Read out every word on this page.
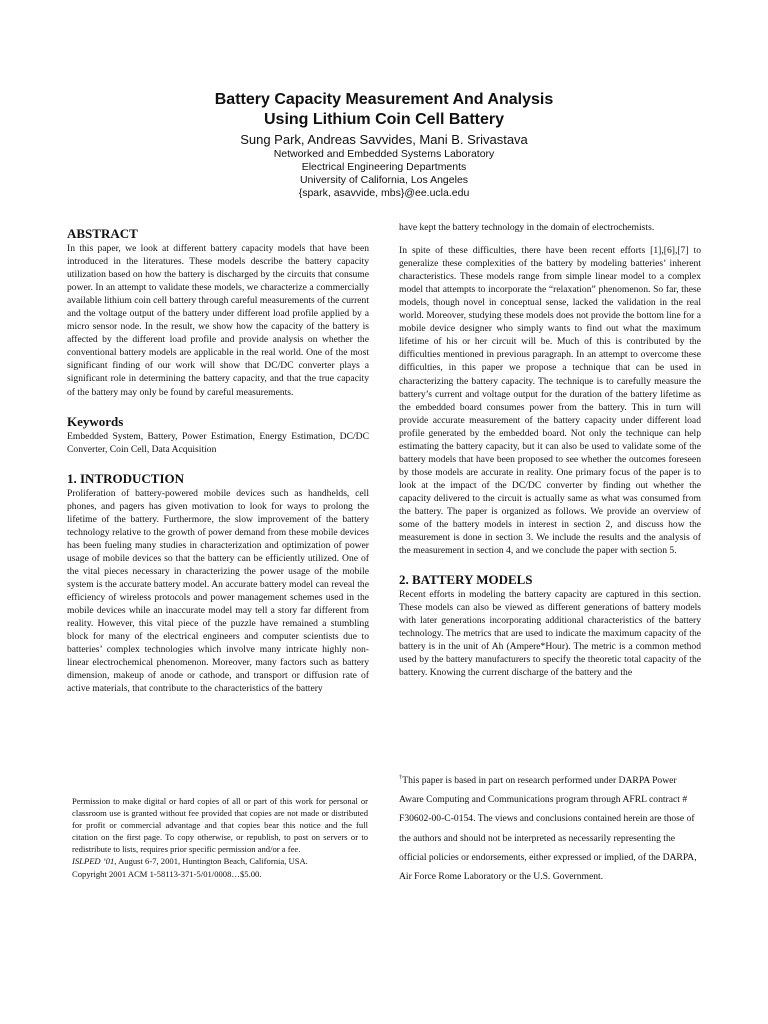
Battery Capacity Measurement And Analysis
Using Lithium Coin Cell Battery
Sung Park, Andreas Savvides, Mani B. Srivastava
Networked and Embedded Systems Laboratory
Electrical Engineering Departments
University of California, Los Angeles
{spark, asavvide, mbs}@ee.ucla.edu
ABSTRACT

In this paper, we look at different battery capacity models that have been introduced in the literatures. These models describe the battery capacity utilization based on how the battery is discharged by the circuits that consume power. In an attempt to validate these models, we characterize a commercially available lithium coin cell battery through careful measurements of the current and the voltage output of the battery under different load profile applied by a micro sensor node. In the result, we show how the capacity of the battery is affected by the different load profile and provide analysis on whether the conventional battery models are applicable in the real world. One of the most significant finding of our work will show that DC/DC converter plays a significant role in determining the battery capacity, and that the true capacity of the battery may only be found by careful measurements.

Keywords

Embedded System, Battery, Power Estimation, Energy Estimation, DC/DC Converter, Coin Cell, Data Acquisition

1. INTRODUCTION

Proliferation of battery-powered mobile devices such as handhelds, cell phones, and pagers has given motivation to look for ways to prolong the lifetime of the battery. Furthermore, the slow improvement of the battery technology relative to the growth of power demand from these mobile devices has been fueling many studies in characterization and optimization of power usage of mobile devices so that the battery can be efficiently utilized. One of the vital pieces necessary in characterizing the power usage of the mobile system is the accurate battery model. An accurate battery model can reveal the efficiency of wireless protocols and power management schemes used in the mobile devices while an inaccurate model may tell a story far different from reality. However, this vital piece of the puzzle have remained a stumbling block for many of the electrical engineers and computer scientists due to batteries’ complex technologies which involve many intricate highly non-linear electrochemical phenomenon. Moreover, many factors such as battery dimension, makeup of anode or cathode, and transport or diffusion rate of active materials, that contribute to the characteristics of the battery

Permission to make digital or hard copies of all or part of this work for personal or classroom use is granted without fee provided that copies are not made or distributed for profit or commercial advantage and that copies bear this notice and the full citation on the first page. To copy otherwise, or republish, to post on servers or to redistribute to lists, requires prior specific permission and/or a fee.
ISLPED ’01, August 6-7, 2001, Huntington Beach, California, USA.
Copyright 2001 ACM 1-58113-371-5/01/0008…$5.00.

have kept the battery technology in the domain of electrochemists.

In spite of these difficulties, there have been recent efforts [1],[6],[7] to generalize these complexities of the battery by modeling batteries’ inherent characteristics. These models range from simple linear model to a complex model that attempts to incorporate the “relaxation” phenomenon. So far, these models, though novel in conceptual sense, lacked the validation in the real world. Moreover, studying these models does not provide the bottom line for a mobile device designer who simply wants to find out what the maximum lifetime of his or her circuit will be. Much of this is contributed by the difficulties mentioned in previous paragraph. In an attempt to overcome these difficulties, in this paper we propose a technique that can be used in characterizing the battery capacity. The technique is to carefully measure the battery’s current and voltage output for the duration of the battery lifetime as the embedded board consumes power from the battery. This in turn will provide accurate measurement of the battery capacity under different load profile generated by the embedded board. Not only the technique can help estimating the battery capacity, but it can also be used to validate some of the battery models that have been proposed to see whether the outcomes foreseen by those models are accurate in reality. One primary focus of the paper is to look at the impact of the DC/DC converter by finding out whether the capacity delivered to the circuit is actually same as what was consumed from the battery. The paper is organized as follows. We provide an overview of some of the battery models in interest in section 2, and discuss how the measurement is done in section 3. We include the results and the analysis of the measurement in section 4, and we conclude the paper with section 5.

2. BATTERY MODELS

Recent efforts in modeling the battery capacity are captured in this section. These models can also be viewed as different generations of battery models with later generations incorporating additional characteristics of the battery technology. The metrics that are used to indicate the maximum capacity of the battery is in the unit of Ah (Ampere*Hour). The metric is a common method used by the battery manufacturers to specify the theoretic total capacity of the battery. Knowing the current discharge of the battery and the

†This paper is based in part on research performed under DARPA Power Aware Computing and Communications program through AFRL contract # F30602-00-C-0154. The views and conclusions contained herein are those of the authors and should not be interpreted as necessarily representing the official policies or endorsements, either expressed or implied, of the DARPA, Air Force Rome Laboratory or the U.S. Government.
